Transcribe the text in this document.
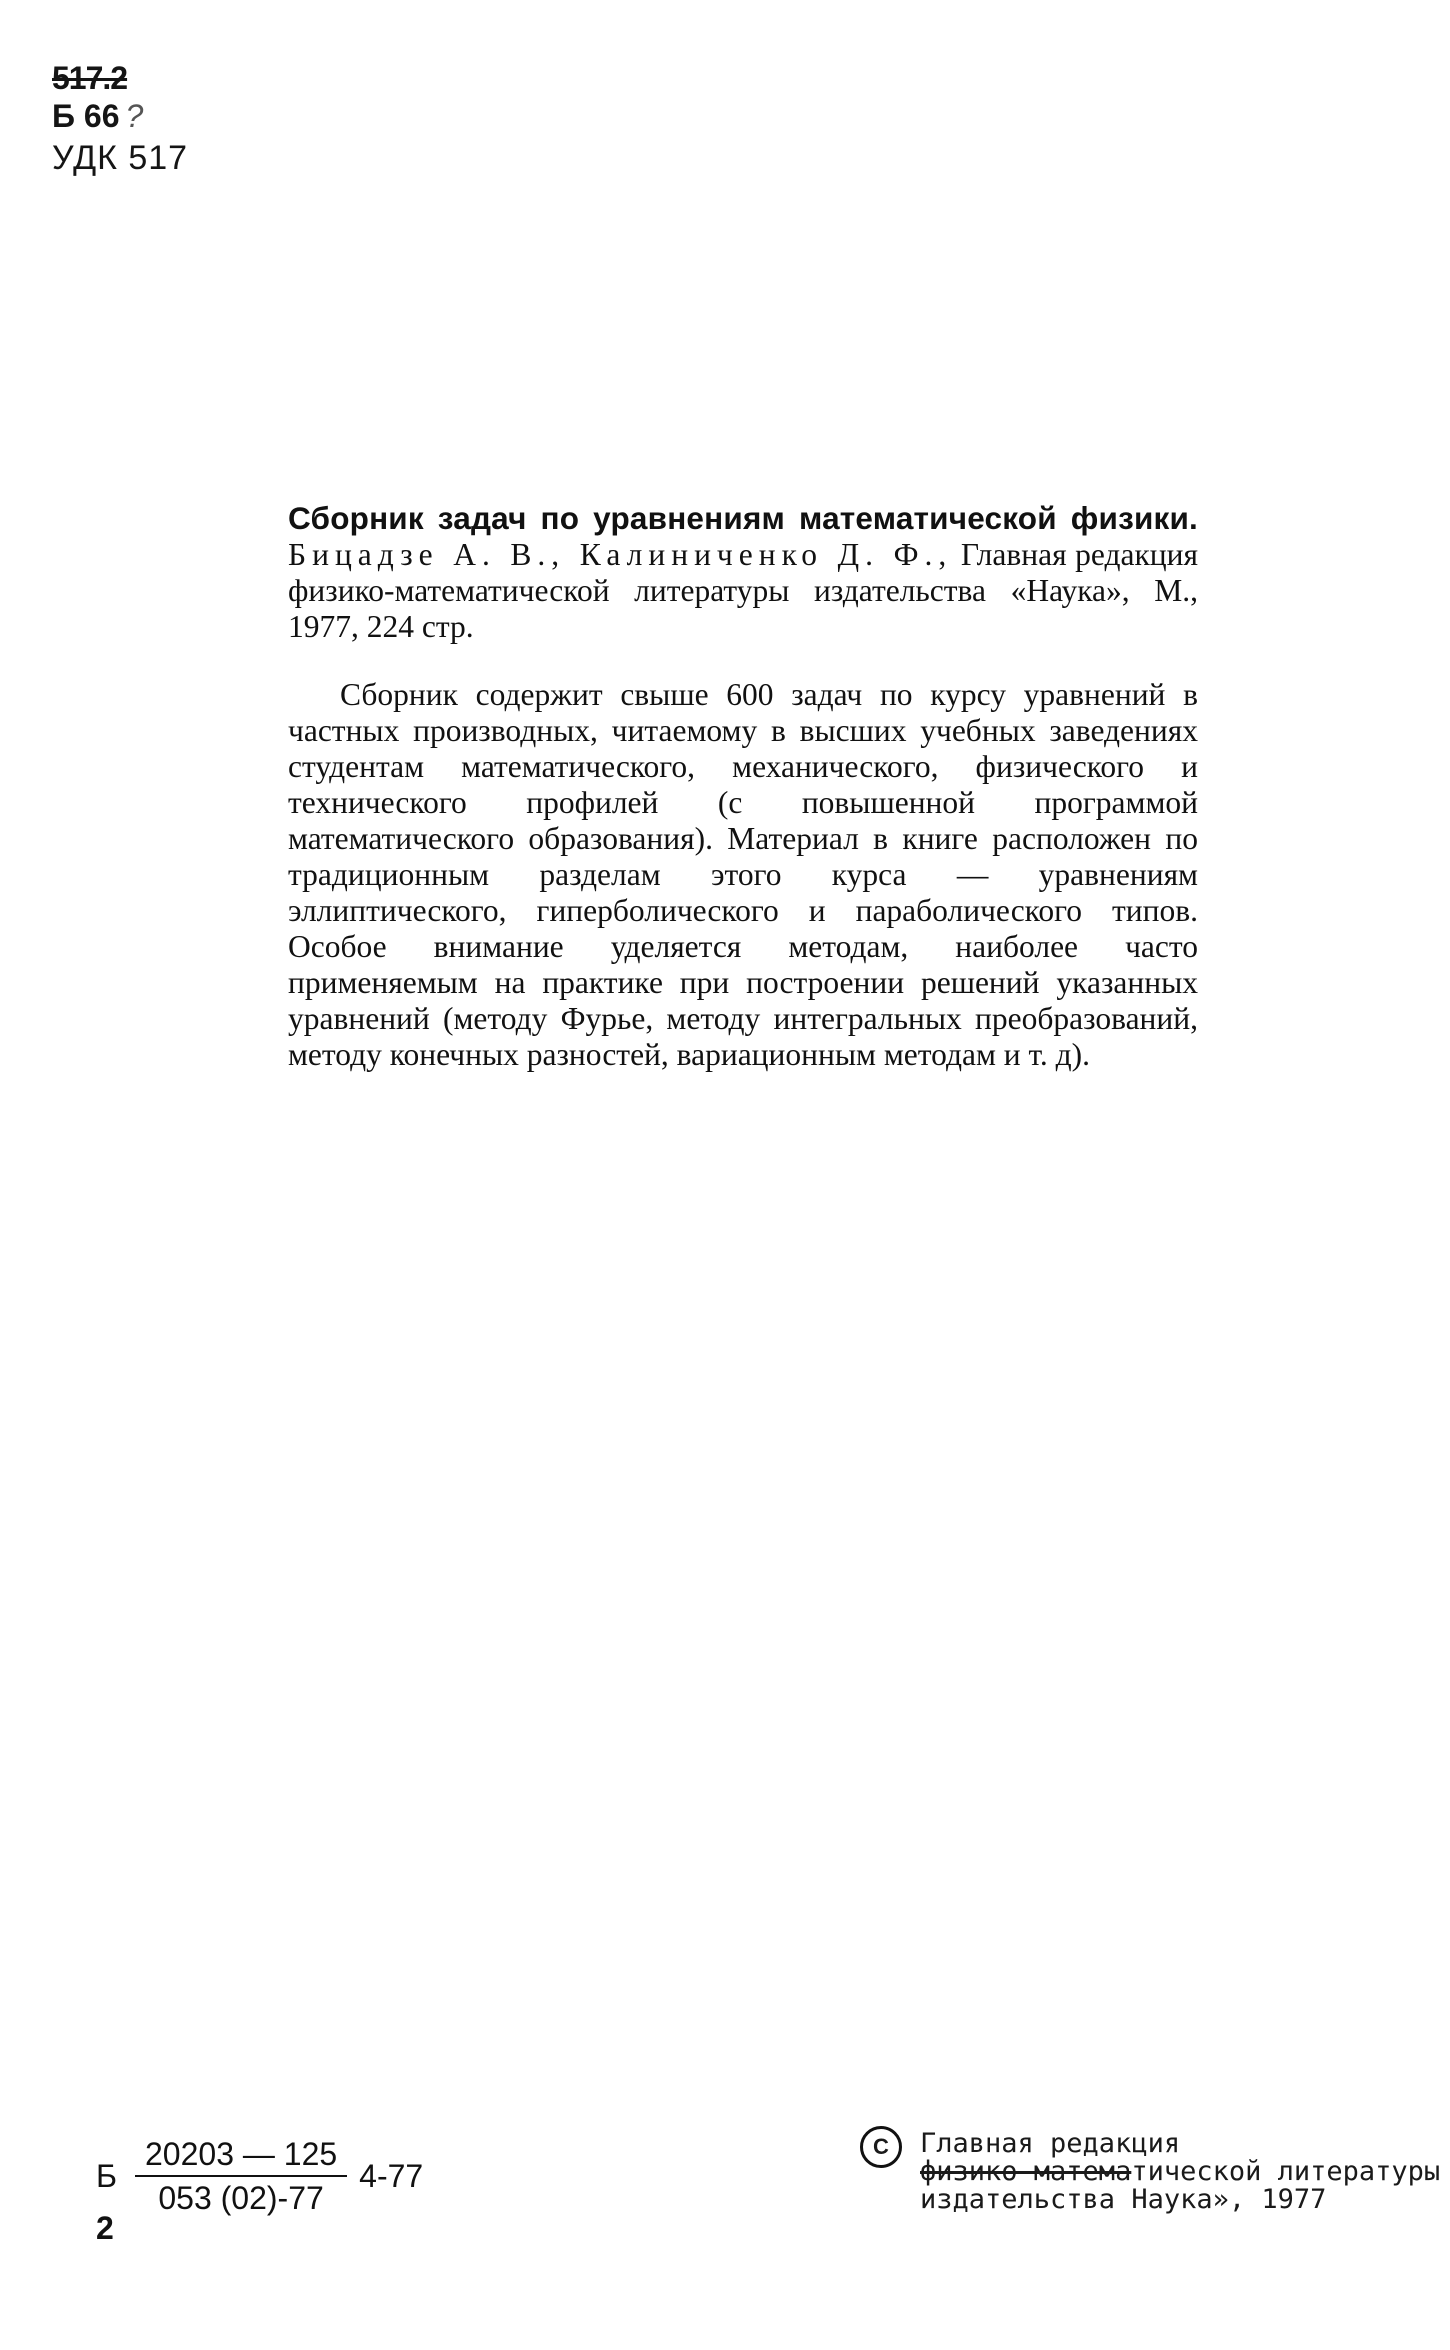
517.2
Б 66 ?
УДК 517

Сборник задач по уравнениям математической физики. Бицадзе А. В., Калиниченко Д. Ф., Главная редакция физико-математической литературы издательства «Наука», М., 1977, 224 стр.

Сборник содержит свыше 600 задач по курсу уравнений в частных производных, читаемому в высших учебных заведениях студентам математического, механического, физического и технического профилей (с повышенной программой математического образования). Материал в книге расположен по традиционным разделам этого курса — уравнениям эллиптического, гиперболического и параболического типов. Особое внимание уделяется методам, наиболее часто применяемым на практике при построении решений указанных уравнений (методу Фурье, методу интегральных преобразований, методу конечных разностей, вариационным методам и т. д).

Б $\frac{20203 — 125}{053 (02)-77} 4-77$
C	Главная редакция
физико-математической литературы
издательства Наука», 1977
2
